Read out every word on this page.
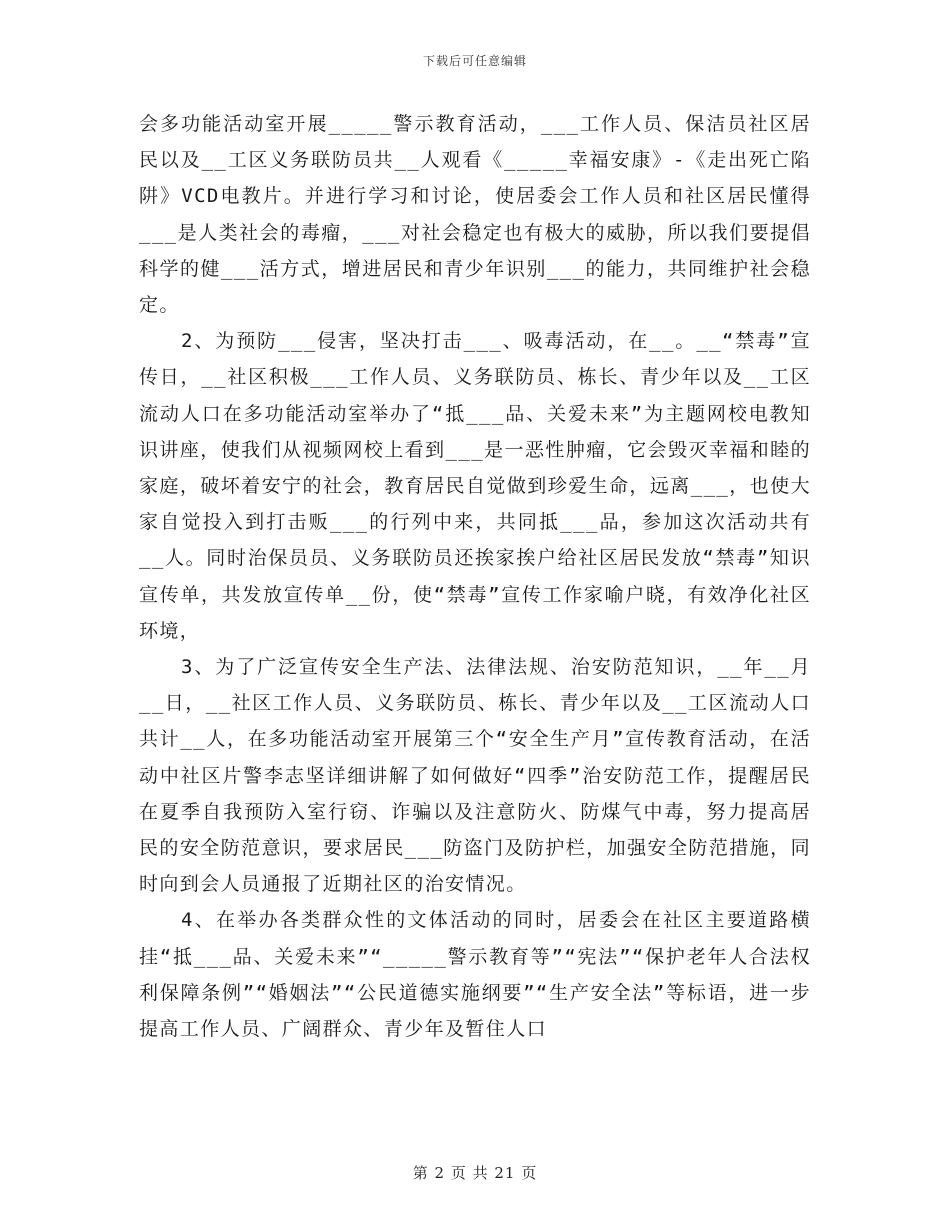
下载后可任意编辑

会多功能活动室开展_____警示教育活动，___工作人员、保洁员社区居民以及__工区义务联防员共__人观看《_____幸福安康》-《走出死亡陷阱》VCD电教片。并进行学习和讨论，使居委会工作人员和社区居民懂得___是人类社会的毒瘤，___对社会稳定也有极大的威胁，所以我们要提倡科学的健___活方式，增进居民和青少年识别___的能力，共同维护社会稳定。

2、为预防___侵害，坚决打击___、吸毒活动，在__。__“禁毒”宣传日，__社区积极___工作人员、义务联防员、栋长、青少年以及__工区流动人口在多功能活动室举办了“抵___品、关爱未来”为主题网校电教知识讲座，使我们从视频网校上看到___是一恶性肿瘤，它会毁灭幸福和睦的家庭，破坏着安宁的社会，教育居民自觉做到珍爱生命，远离___，也使大家自觉投入到打击贩___的行列中来，共同抵___品，参加这次活动共有__人。同时治保员员、义务联防员还挨家挨户给社区居民发放“禁毒”知识宣传单，共发放宣传单__份，使“禁毒”宣传工作家喻户晓，有效净化社区环境，

3、为了广泛宣传安全生产法、法律法规、治安防范知识，__年__月__日，__社区工作人员、义务联防员、栋长、青少年以及__工区流动人口共计__人，在多功能活动室开展第三个“安全生产月”宣传教育活动，在活动中社区片警李志坚详细讲解了如何做好“四季”治安防范工作，提醒居民在夏季自我预防入室行窃、诈骗以及注意防火、防煤气中毒，努力提高居民的安全防范意识，要求居民___防盗门及防护栏，加强安全防范措施，同时向到会人员通报了近期社区的治安情况。

4、在举办各类群众性的文体活动的同时，居委会在社区主要道路横挂“抵___品、关爱未来”“_____警示教育等”“宪法”“保护老年人合法权利保障条例”“婚姻法”“公民道德实施纲要”“生产安全法”等标语，进一步提高工作人员、广阔群众、青少年及暂住人口

第 2 页 共 21 页
